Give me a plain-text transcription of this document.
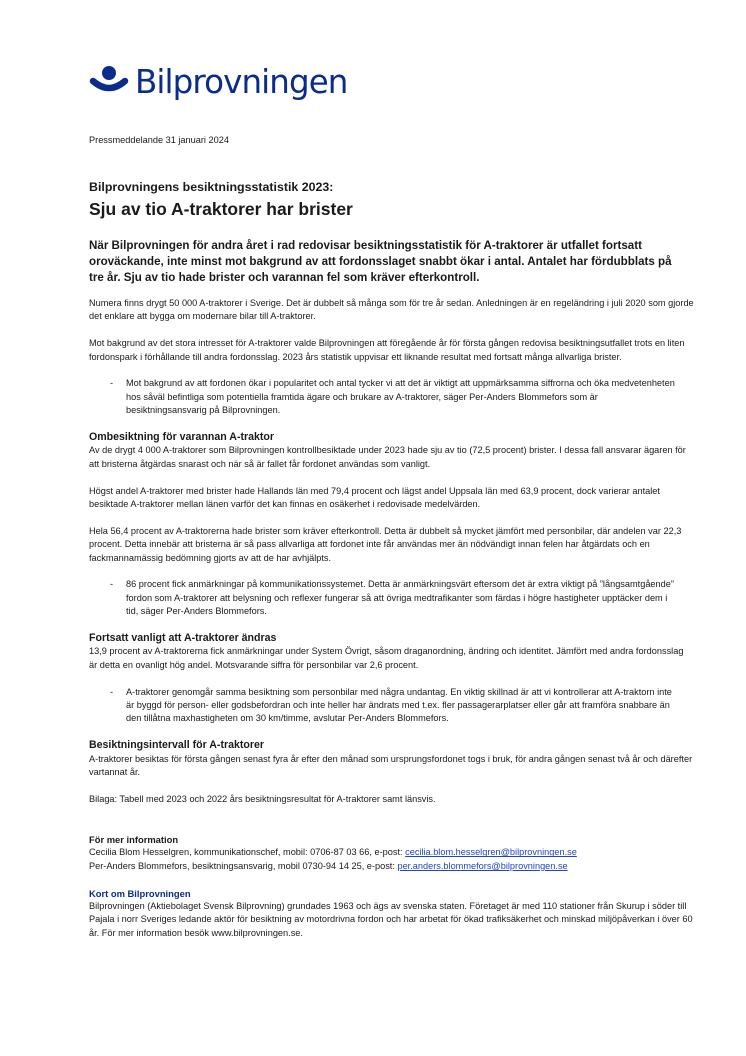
Bilprovningen
Pressmeddelande 31 januari 2024
Bilprovningens besiktningsstatistik 2023:
Sju av tio A-traktorer har brister

När Bilprovningen för andra året i rad redovisar besiktningsstatistik för A-traktorer är utfallet fortsatt oroväckande, inte minst mot bakgrund av att fordonsslaget snabbt ökar i antal. Antalet har fördubblats på tre år. Sju av tio hade brister och varannan fel som kräver efterkontroll.

Numera finns drygt 50 000 A-traktorer i Sverige. Det är dubbelt så många som för tre år sedan. Anledningen är en regeländring i juli 2020 som gjorde det enklare att bygga om modernare bilar till A-traktorer.

Mot bakgrund av det stora intresset för A-traktorer valde Bilprovningen att föregående år för första gången redovisa besiktningsutfallet trots en liten fordonspark i förhållande till andra fordonsslag. 2023 års statistik uppvisar ett liknande resultat med fortsatt många allvarliga brister.

-	Mot bakgrund av att fordonen ökar i popularitet och antal tycker vi att det är viktigt att uppmärksamma siffrorna och öka medvetenheten hos såväl befintliga som potentiella framtida ägare och brukare av A-traktorer, säger Per-Anders Blommefors som är besiktningsansvarig på Bilprovningen.
Ombesiktning för varannan A-traktor

Av de drygt 4 000 A-traktorer som Bilprovningen kontrollbesiktade under 2023 hade sju av tio (72,5 procent) brister. I dessa fall ansvarar ägaren för att bristerna åtgärdas snarast och när så är fallet får fordonet användas som vanligt.

Högst andel A-traktorer med brister hade Hallands län med 79,4 procent och lägst andel Uppsala län med 63,9 procent, dock varierar antalet besiktade A-traktorer mellan länen varför det kan finnas en osäkerhet i redovisade medelvärden.

Hela 56,4 procent av A-traktorerna hade brister som kräver efterkontroll. Detta är dubbelt så mycket jämfört med personbilar, där andelen var 22,3 procent. Detta innebär att bristerna är så pass allvarliga att fordonet inte får användas mer än nödvändigt innan felen har åtgärdats och en fackmannamässig bedömning gjorts av att de har avhjälpts.

-	86 procent fick anmärkningar på kommunikationssystemet. Detta är anmärkningsvärt eftersom det är extra viktigt på ”långsamtgående” fordon som A-traktorer att belysning och reflexer fungerar så att övriga medtrafikanter som färdas i högre hastigheter upptäcker dem i tid, säger Per-Anders Blommefors.
Fortsatt vanligt att A-traktorer ändras

13,9 procent av A-traktorerna fick anmärkningar under System Övrigt, såsom draganordning, ändring och identitet. Jämfört med andra fordonsslag är detta en ovanligt hög andel. Motsvarande siffra för personbilar var 2,6 procent.

-	A-traktorer genomgår samma besiktning som personbilar med några undantag. En viktig skillnad är att vi kontrollerar att A-traktorn inte är byggd för person- eller godsbefordran och inte heller har ändrats med t.ex. fler passagerarplatser eller går att framföra snabbare än den tillåtna maxhastigheten om 30 km/timme, avslutar Per-Anders Blommefors.
Besiktningsintervall för A-traktorer

A-traktorer besiktas för första gången senast fyra år efter den månad som ursprungsfordonet togs i bruk, för andra gången senast två år och därefter vartannat år.

Bilaga: Tabell med 2023 och 2022 års besiktningsresultat för A-traktorer samt länsvis.

För mer information
Cecilia Blom Hesselgren, kommunikationschef, mobil: 0706-87 03 66, e-post: cecilia.blom.hesselgren@bilprovningen.se
Per-Anders Blommefors, besiktningsansvarig, mobil 0730-94 14 25, e-post: per.anders.blommefors@bilprovningen.se
Kort om Bilprovningen
Bilprovningen (Aktiebolaget Svensk Bilprovning) grundades 1963 och ägs av svenska staten. Företaget är med 110 stationer från Skurup i söder till Pajala i norr Sveriges ledande aktör för besiktning av motordrivna fordon och har arbetat för ökad trafiksäkerhet och minskad miljöpåverkan i över 60 år. För mer information besök www.bilprovningen.se.
